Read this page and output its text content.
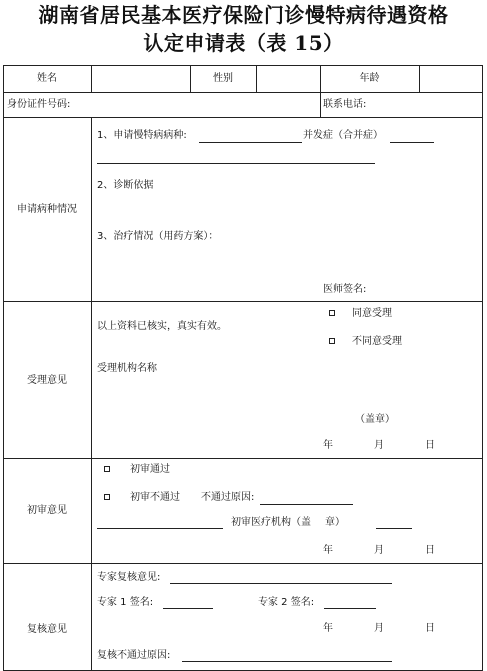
湖南省居民基本医疗保险门诊慢特病待遇资格
认定申请表（表 15）
姓名	性别	年龄
身份证件号码:	联系电话:
申请病种情况
1、申请慢特病病种:	并发症（合并症）
2、诊断依据
3、治疗情况（用药方案）：
医师签名:
受理意见
以上资料已核实，真实有效。
受理机构名称
同意受理
不同意受理
（盖章）
年	月	日
初审意见
初审通过
初审不通过 不通过原因:
初审医疗机构（盖 章）
年	月	日
复核意见
专家复核意见:
专家 1 签名:	专家 2 签名:
年	月	日
复核不通过原因:
